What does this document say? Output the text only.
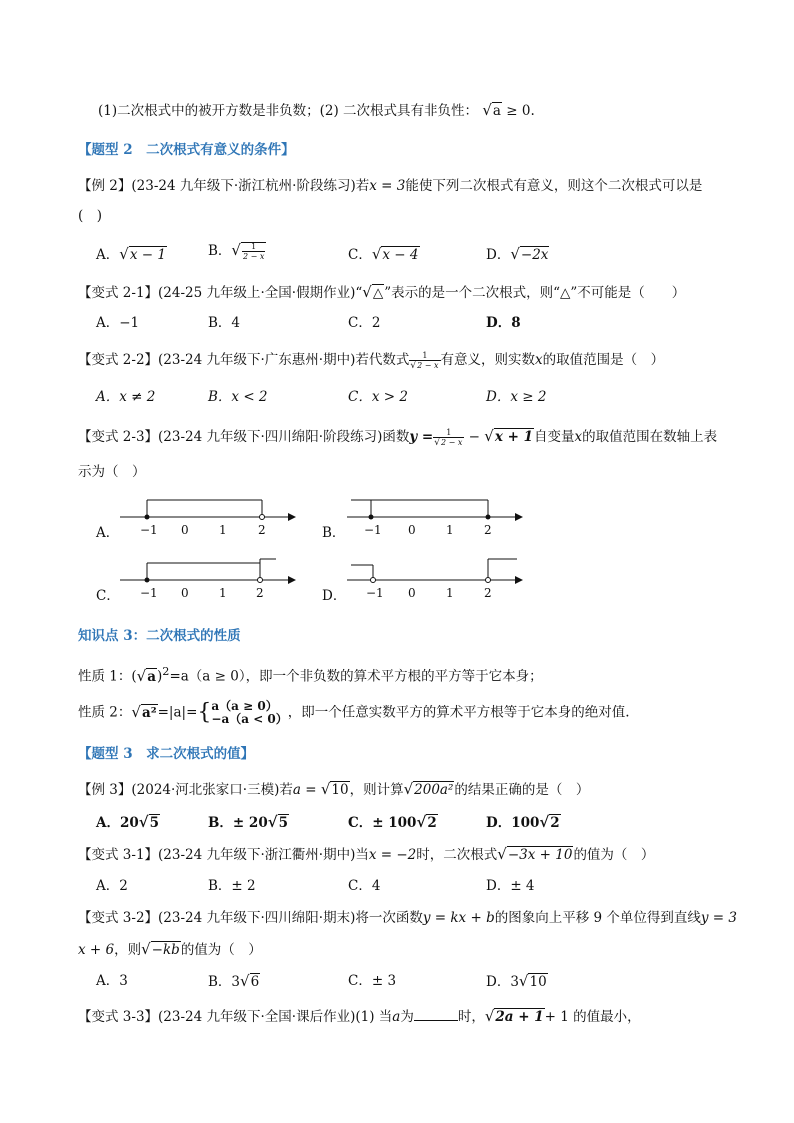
(1)二次根式中的被开方数是非负数；(2) 二次根式具有非负性： √a ≥ 0.
【题型 2　二次根式有意义的条件】
【例 2】(23-24 九年级下·浙江杭州·阶段练习)若x = 3能使下列二次根式有意义，则这个二次根式可以是
(　)
A．√x − 1	B．√ $\frac{1}{2 - x}$	C．√x − 4	D．√−2x
【变式 2-1】(24-25 九年级上·全国·假期作业)“√△”表示的是一个二次根式，则“△”不可能是（　　）
A．−1	B．4	C．2	D．8
【变式 2-2】(23-24 九年级下·广东惠州·期中)若代数式 $\frac{1}{√2 - x}$ 有意义，则实数x的取值范围是（　）
A．x ≠ 2	B．x < 2	C．x > 2	D．x ≥ 2
【变式 2-3】(23-24 九年级下·四川绵阳·阶段练习)函数$y = \frac{1}{√2 - x} - √x + 1$自变量x的取值范围在数轴上表
示为（　）
A． −1 0	1	2	B． −1 0	1	2
C． −1 0	1 2	D． −1 0	1	2
知识点 3：二次根式的性质
性质 1：$(√a)^2=a(a \ge 0)$，即一个非负数的算术平方根的平方等于它本身；
性质 2：√a²=|a|={ a（a ≥ 0）
−a（a < 0） ，即一个任意实数平方的算术平方根等于它本身的绝对值.
【题型 3　求二次根式的值】
【例 3】(2024·河北张家口·三模)若a = √10，则计算√200a²的结果正确的是（　）
A．20√5	B．± 20√5	C．± 100√2	D．100√2
【变式 3-1】(23-24 九年级下·浙江衢州·期中)当x = −2时，二次根式√−3x + 10的值为（　）
A．2	B．± 2	C．4	D．± 4
【变式 3-2】(23-24 九年级下·四川绵阳·期末)将一次函数y = kx + b的图象向上平移 9 个单位得到直线y = 3
x + 6，则√−kb的值为（　）
A．3	B．3√6	C．± 3	D．3√10
【变式 3-3】(23-24 九年级下·全国·课后作业)(1) 当a为	时，√2a + 1+ 1 的值最小，
